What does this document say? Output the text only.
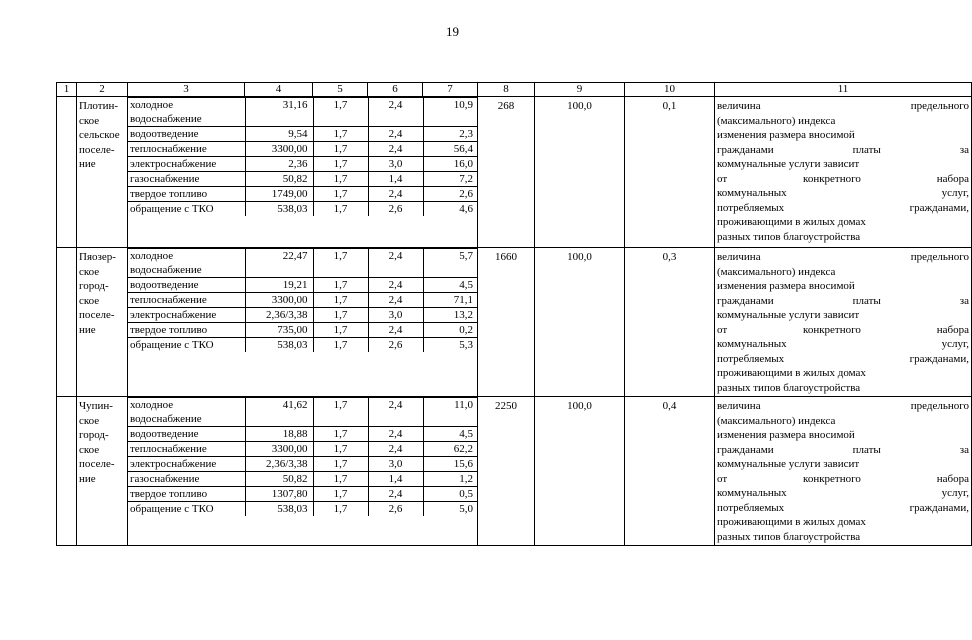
19
1	2	3	4	5	6	7	8	9	10	11
	Плотин-
ское
сельское
поселе-
ние	
холодное
водоснабжение	31,16	1,7	2,4	10,9
водоотведение	9,54	1,7	2,4	2,3
теплоснабжение	3300,00	1,7	2,4	56,4
электроснабжение	2,36	1,7	3,0	16,0
газоснабжение	50,82	1,7	1,4	7,2
твердое топливо	1749,00	1,7	2,4	2,6
обращение с ТКО	538,03	1,7	2,6	4,6
	268	100,0	0,1	величина	предельного
(максимального) индекса
изменения размера вносимой
гражданами	платы	за
коммунальные услуги зависит
от	конкретного	набора
коммунальных	услуг,
потребляемых	гражданами,
проживающими в жилых домах
разных типов благоустройства

	Пяозер-
ское
город-
ское
поселе-
ние	
холодное
водоснабжение	22,47	1,7	2,4	5,7
водоотведение	19,21	1,7	2,4	4,5
теплоснабжение	3300,00	1,7	2,4	71,1
электроснабжение	2,36/3,38	1,7	3,0	13,2
твердое топливо	735,00	1,7	2,4	0,2
обращение с ТКО	538,03	1,7	2,6	5,3
	1660	100,0	0,3	величина	предельного
(максимального) индекса
изменения размера вносимой
гражданами	платы	за
коммунальные услуги зависит
от	конкретного	набора
коммунальных	услуг,
потребляемых	гражданами,
проживающими в жилых домах
разных типов благоустройства

	Чупин-
ское
город-
ское
поселе-
ние	
холодное
водоснабжение	41,62	1,7	2,4	11,0
водоотведение	18,88	1,7	2,4	4,5
теплоснабжение	3300,00	1,7	2,4	62,2
электроснабжение	2,36/3,38	1,7	3,0	15,6
газоснабжение	50,82	1,7	1,4	1,2
твердое топливо	1307,80	1,7	2,4	0,5
обращение с ТКО	538,03	1,7	2,6	5,0
	2250	100,0	0,4	величина	предельного
(максимального) индекса
изменения размера вносимой
гражданами	платы	за
коммунальные услуги зависит
от	конкретного	набора
коммунальных	услуг,
потребляемых	гражданами,
проживающими в жилых домах
разных типов благоустройства
